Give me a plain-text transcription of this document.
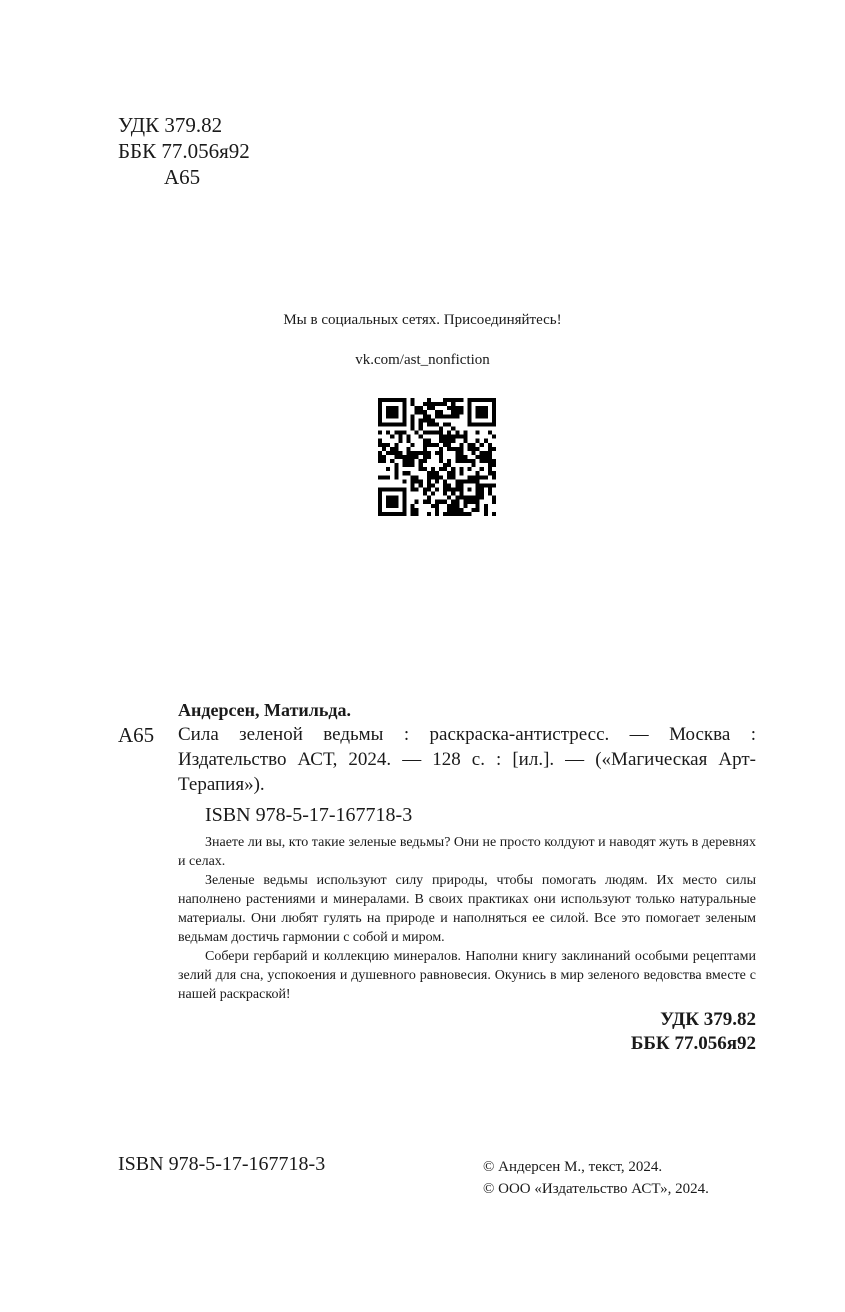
УДК 379.82
ББК 77.056я92
А65
Мы в социальных сетях. Присоединяйтесь!
vk.com/ast_nonfiction
Андерсен, Матильда.
А65 Сила зеленой ведьмы : раскраска-антистресс. — Москва : Издательство АСТ, 2024. — 128 с. : [ил.]. — («Магическая Арт-Терапия»).
ISBN 978-5-17-167718-3

Знаете ли вы, кто такие зеленые ведьмы? Они не просто колдуют и наводят жуть в деревнях и селах.

Зеленые ведьмы используют силу природы, чтобы помогать людям. Их место силы наполнено растениями и минералами. В своих практиках они используют только натуральные материалы. Они любят гулять на природе и наполняться ее силой. Все это помогает зеленым ведьмам достичь гармонии с собой и миром.

Собери гербарий и коллекцию минералов. Наполни книгу заклинаний особыми рецептами зелий для сна, успокоения и душевного равновесия. Окунись в мир зеленого ведовства вместе с нашей раскраской!

УДК 379.82
ББК 77.056я92
ISBN 978-5-17-167718-3	© Андерсен М., текст, 2024.
© ООО «Издательство АСТ», 2024.
